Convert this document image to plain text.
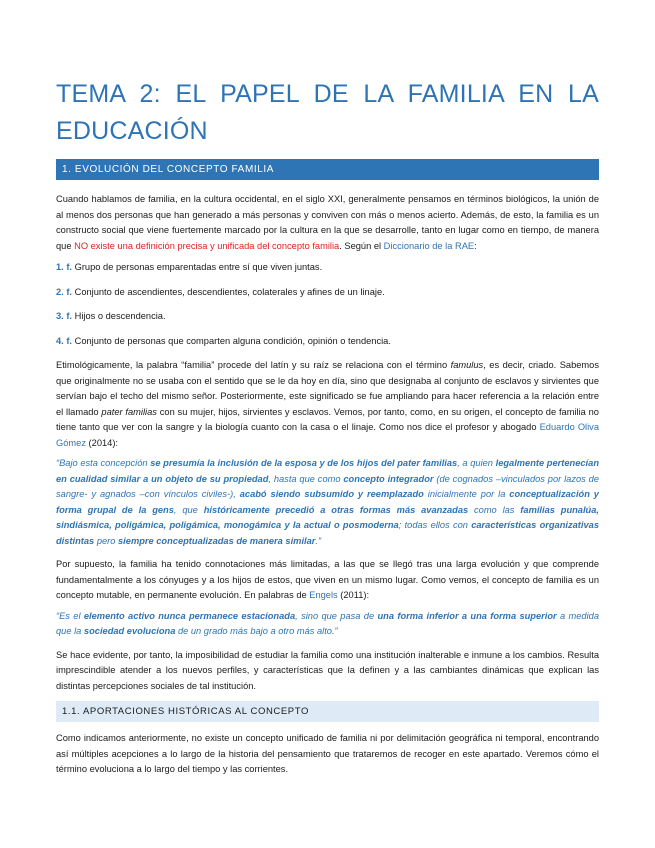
TEMA 2: EL PAPEL DE LA FAMILIA EN LA EDUCACIÓN
1. EVOLUCIÓN DEL CONCEPTO FAMILIA

Cuando hablamos de familia, en la cultura occidental, en el siglo XXI, generalmente pensamos en términos biológicos, la unión de al menos dos personas que han generado a más personas y conviven con más o menos acierto. Además, de esto, la familia es un constructo social que viene fuertemente marcado por la cultura en la que se desarrolle, tanto en lugar como en tiempo, de manera que NO existe una definición precisa y unificada del concepto familia. Según el Diccionario de la RAE:

1. f. Grupo de personas emparentadas entre sí que viven juntas.

2. f. Conjunto de ascendientes, descendientes, colaterales y afines de un linaje.

3. f. Hijos o descendencia.

4. f. Conjunto de personas que comparten alguna condición, opinión o tendencia.

Etimológicamente, la palabra “familia” procede del latín y su raíz se relaciona con el término famulus, es decir, criado. Sabemos que originalmente no se usaba con el sentido que se le da hoy en día, sino que designaba al conjunto de esclavos y sirvientes que servían bajo el techo del mismo señor. Posteriormente, este significado se fue ampliando para hacer referencia a la relación entre el llamado pater familias con su mujer, hijos, sirvientes y esclavos. Vemos, por tanto, como, en su origen, el concepto de familia no tiene tanto que ver con la sangre y la biología cuanto con la casa o el linaje. Como nos dice el profesor y abogado Eduardo Oliva Gómez (2014):

“Bajo esta concepción se presumía la inclusión de la esposa y de los hijos del pater familias, a quien legalmente pertenecían en cualidad similar a un objeto de su propiedad, hasta que como concepto integrador (de cognados –vinculados por lazos de sangre- y agnados –con vínculos civiles-), acabó siendo subsumido y reemplazado inicialmente por la conceptualización y forma grupal de la gens, que históricamente precedió a otras formas más avanzadas como las familias punalúa, sindiásmica, poligámica, poligámica, monogámica y la actual o posmoderna; todas ellos con características organizativas distintas pero siempre conceptualizadas de manera similar.”

Por supuesto, la familia ha tenido connotaciones más limitadas, a las que se llegó tras una larga evolución y que comprende fundamentalmente a los cónyuges y a los hijos de estos, que viven en un mismo lugar. Como vemos, el concepto de familia es un concepto mutable, en permanente evolución. En palabras de Engels (2011):

“Es el elemento activo nunca permanece estacionada, sino que pasa de una forma inferior a una forma superior a medida que la sociedad evoluciona de un grado más bajo a otro más alto.”

Se hace evidente, por tanto, la imposibilidad de estudiar la familia como una institución inalterable e inmune a los cambios. Resulta imprescindible atender a los nuevos perfiles, y características que la definen y a las cambiantes dinámicas que explican las distintas percepciones sociales de tal institución.

1.1. APORTACIONES HISTÓRICAS AL CONCEPTO

Como indicamos anteriormente, no existe un concepto unificado de familia ni por delimitación geográfica ni temporal, encontrando así múltiples acepciones a lo largo de la historia del pensamiento que trataremos de recoger en este apartado. Veremos cómo el término evoluciona a lo largo del tiempo y las corrientes.
